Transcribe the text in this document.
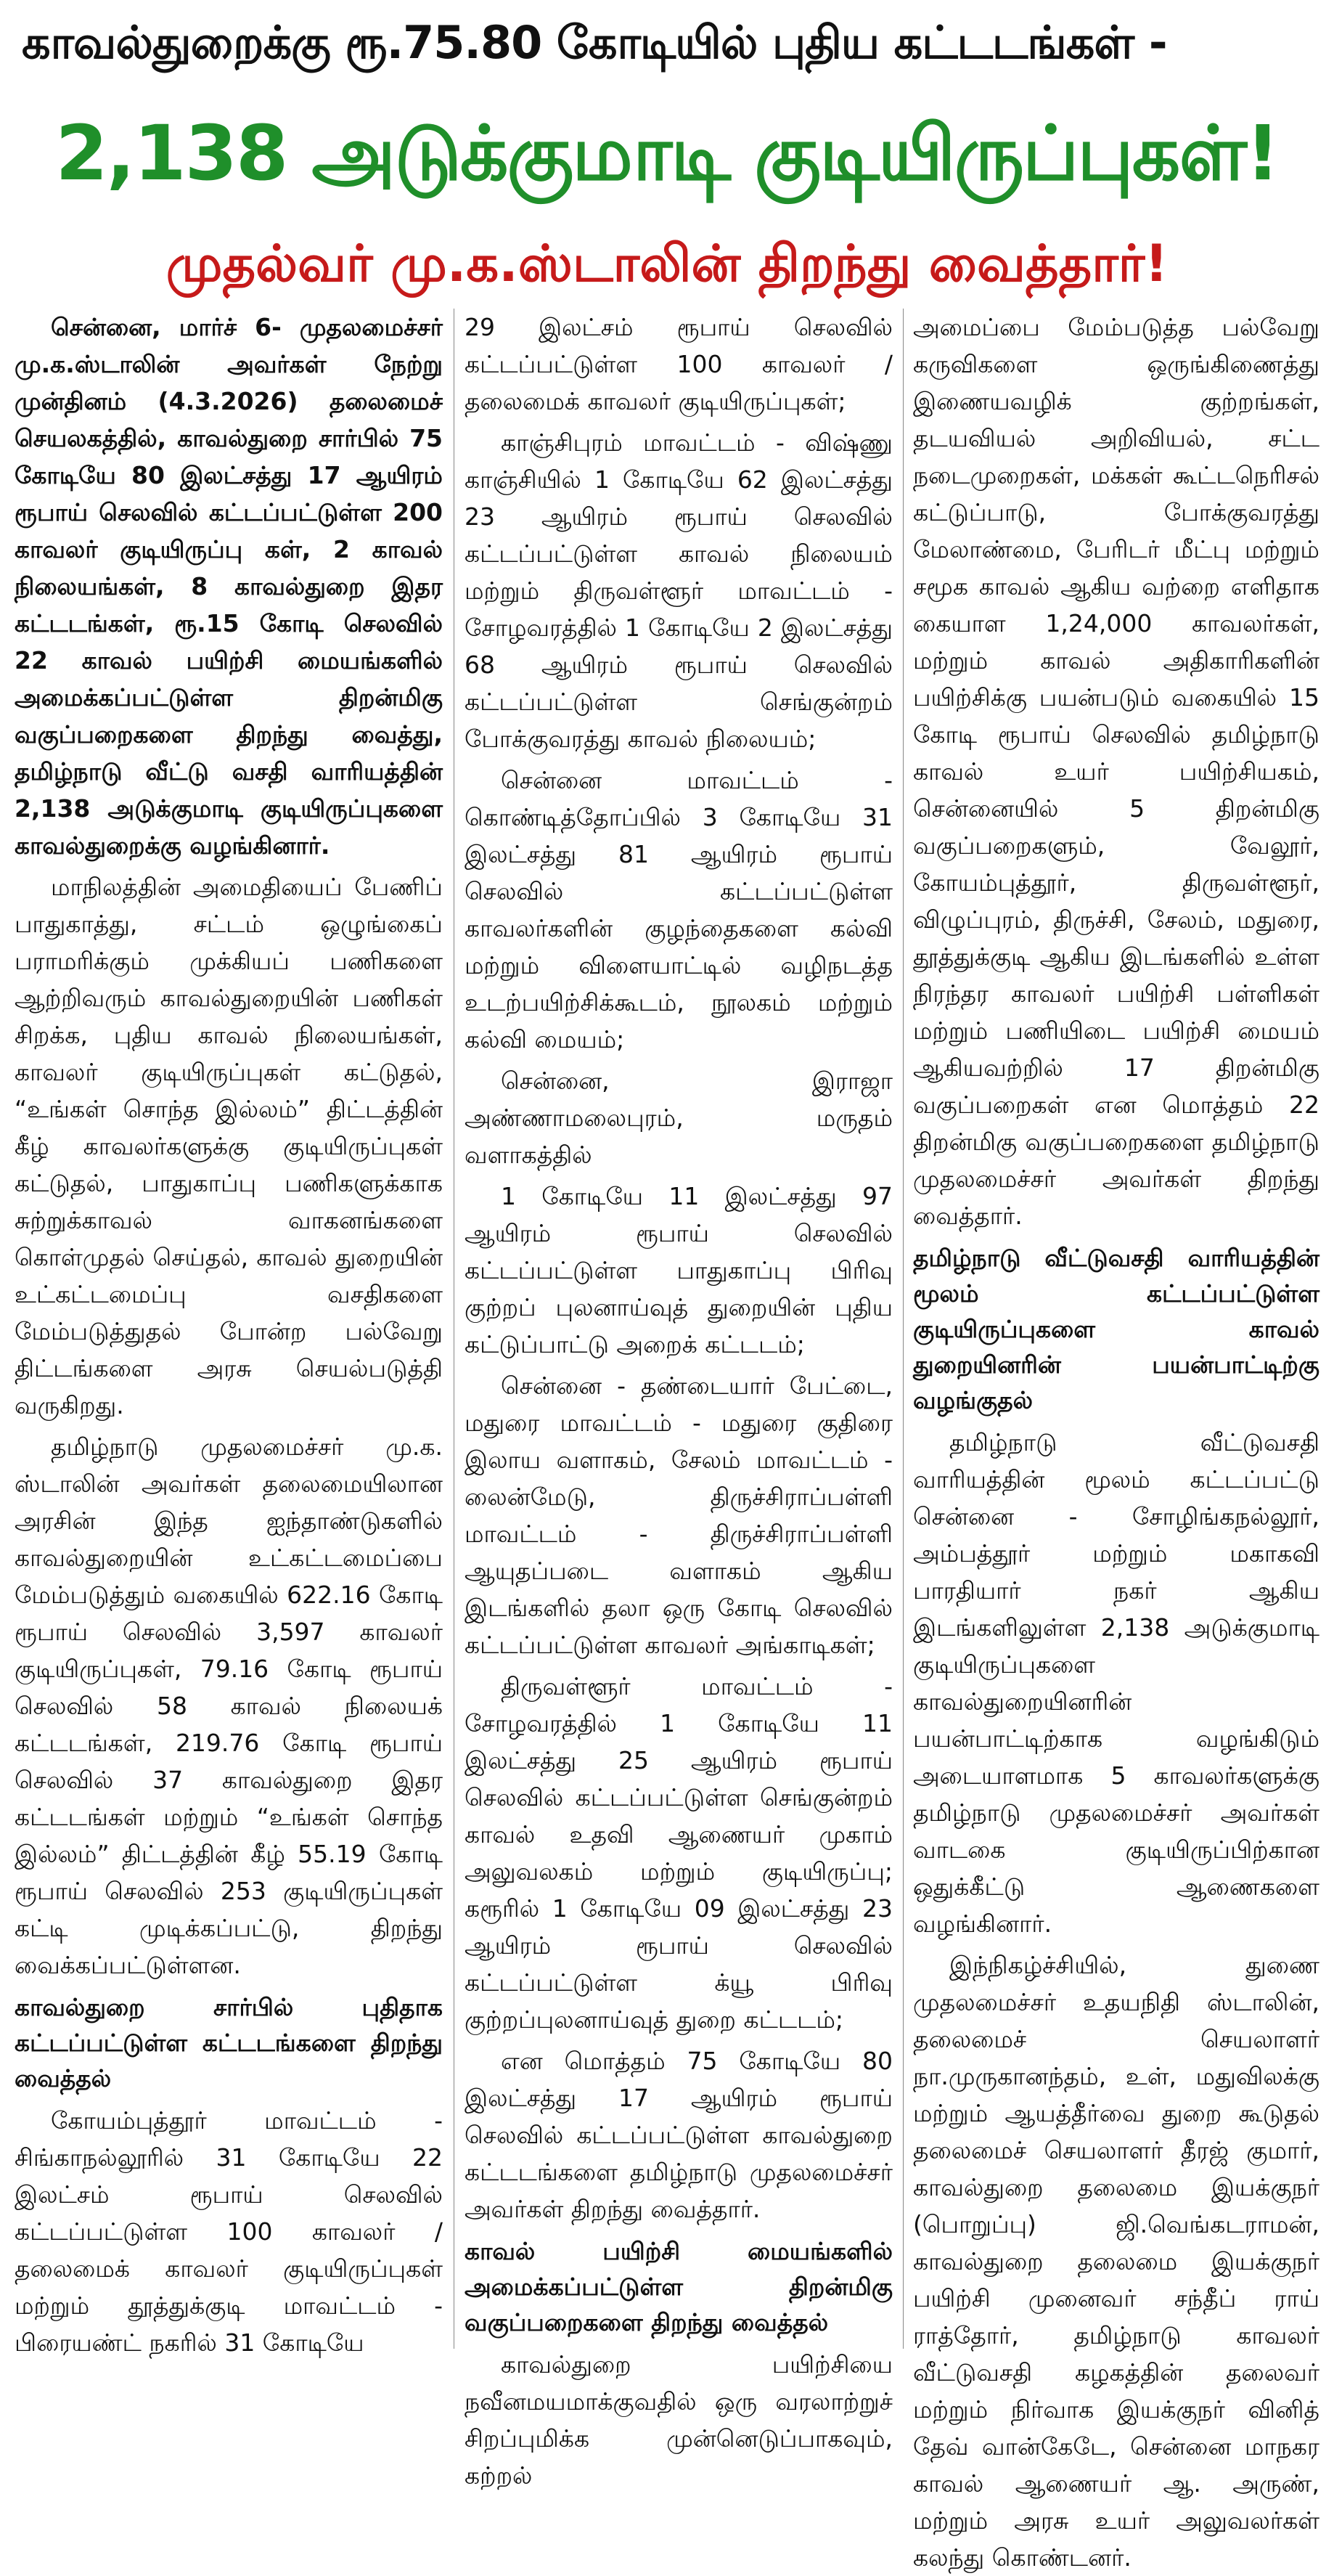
காவல்துறைக்கு ரூ.75.80 கோடியில் புதிய கட்டடங்கள் -
2,138 அடுக்குமாடி குடியிருப்புகள்!
முதல்வர் மு.க.ஸ்டாலின் திறந்து வைத்தார்!

சென்னை, மார்ச் 6- முதலமைச்சர் மு.க.ஸ்டாலின் அவர்கள் நேற்று முன்தினம் (4.3.2026) தலைமைச் செயலகத்தில், காவல்துறை சார்பில் 75 கோடியே 80 இலட்சத்து 17 ஆயிரம் ரூபாய் செலவில் கட்டப்பட்டுள்ள 200 காவலர் குடியிருப்பு கள், 2 காவல் நிலையங்கள், 8 காவல்துறை இதர கட்டடங்கள், ரூ.15 கோடி செலவில் 22 காவல் பயிற்சி மையங்களில் அமைக்கப்பட்டுள்ள திறன்மிகு வகுப்பறைகளை திறந்து வைத்து, தமிழ்நாடு வீட்டு வசதி வாரியத்தின் 2,138 அடுக்குமாடி குடியிருப்புகளை காவல்துறைக்கு வழங்கினார்.

மாநிலத்தின் அமைதியைப் பேணிப் பாதுகாத்து, சட்டம் ஒழுங்கைப் பராமரிக்கும் முக்கியப் பணிகளை ஆற்றிவரும் காவல்துறையின் பணிகள் சிறக்க, புதிய காவல் நிலையங்கள், காவலர் குடியிருப்புகள் கட்டுதல், “உங்கள் சொந்த இல்லம்” திட்டத்தின் கீழ் காவலர்களுக்கு குடியிருப்புகள் கட்டுதல், பாதுகாப்பு பணிகளுக்காக சுற்றுக்காவல் வாகனங்களை கொள்முதல் செய்தல், காவல் துறையின் உட்கட்டமைப்பு வசதிகளை மேம்படுத்துதல் போன்ற பல்வேறு திட்டங்களை அரசு செயல்படுத்தி வருகிறது.

தமிழ்நாடு முதலமைச்சர் மு.க. ஸ்டாலின் அவர்கள் தலைமையிலான அரசின் இந்த ஐந்தாண்டுகளில் காவல்துறையின் உட்கட்டமைப்பை மேம்படுத்தும் வகையில் 622.16 கோடி ரூபாய் செலவில் 3,597 காவலர் குடியிருப்புகள், 79.16 கோடி ரூபாய் செலவில் 58 காவல் நிலையக் கட்டடங்கள், 219.76 கோடி ரூபாய் செலவில் 37 காவல்துறை இதர கட்டடங்கள் மற்றும் “உங்கள் சொந்த இல்லம்” திட்டத்தின் கீழ் 55.19 கோடி ரூபாய் செலவில் 253 குடியிருப்புகள் கட்டி முடிக்கப்பட்டு, திறந்து வைக்கப்பட்டுள்ளன.

காவல்துறை சார்பில் புதிதாக கட்டப்பட்டுள்ள கட்டடங்களை திறந்து வைத்தல்

கோயம்புத்தூர் மாவட்டம் - சிங்காநல்லூரில் 31 கோடியே 22 இலட்சம் ரூபாய் செலவில் கட்டப்பட்டுள்ள 100 காவலர் / தலைமைக் காவலர் குடியிருப்புகள் மற்றும் தூத்துக்குடி மாவட்டம் - பிரையண்ட் நகரில் 31 கோடியே

29 இலட்சம் ரூபாய் செலவில் கட்டப்பட்டுள்ள 100 காவலர் / தலைமைக் காவலர் குடியிருப்புகள்;

காஞ்சிபுரம் மாவட்டம் - விஷ்ணு காஞ்சியில் 1 கோடியே 62 இலட்சத்து 23 ஆயிரம் ரூபாய் செலவில் கட்டப்பட்டுள்ள காவல் நிலையம் மற்றும் திருவள்ளூர் மாவட்டம் - சோழவரத்தில் 1 கோடியே 2 இலட்சத்து 68 ஆயிரம் ரூபாய் செலவில் கட்டப்பட்டுள்ள செங்குன்றம் போக்குவரத்து காவல் நிலையம்;

சென்னை மாவட்டம் - கொண்டித்தோப்பில் 3 கோடியே 31 இலட்சத்து 81 ஆயிரம் ரூபாய் செலவில் கட்டப்பட்டுள்ள காவலர்களின் குழந்தைகளை கல்வி மற்றும் விளையாட்டில் வழிநடத்த உடற்பயிற்சிக்கூடம், நூலகம் மற்றும் கல்வி மையம்;

சென்னை, இராஜா அண்ணாமலைபுரம், மருதம் வளாகத்தில்

1 கோடியே 11 இலட்சத்து 97 ஆயிரம் ரூபாய் செலவில் கட்டப்பட்டுள்ள பாதுகாப்பு பிரிவு குற்றப் புலனாய்வுத் துறையின் புதிய கட்டுப்பாட்டு அறைக் கட்டடம்;

சென்னை - தண்டையார் பேட்டை, மதுரை மாவட்டம் - மதுரை குதிரை இலாய வளாகம், சேலம் மாவட்டம் - லைன்மேடு, திருச்சிராப்பள்ளி மாவட்டம் - திருச்சிராப்பள்ளி ஆயுதப்படை வளாகம் ஆகிய இடங்களில் தலா ஒரு கோடி செலவில் கட்டப்பட்டுள்ள காவலர் அங்காடிகள்;

திருவள்ளூர் மாவட்டம் - சோழவரத்தில் 1 கோடியே 11 இலட்சத்து 25 ஆயிரம் ரூபாய் செலவில் கட்டப்பட்டுள்ள செங்குன்றம் காவல் உதவி ஆணையர் முகாம் அலுவலகம் மற்றும் குடியிருப்பு; கரூரில் 1 கோடியே 09 இலட்சத்து 23 ஆயிரம் ரூபாய் செலவில் கட்டப்பட்டுள்ள க்யூ பிரிவு குற்றப்புலனாய்வுத் துறை கட்டடம்;

என மொத்தம் 75 கோடியே 80 இலட்சத்து 17 ஆயிரம் ரூபாய் செலவில் கட்டப்பட்டுள்ள காவல்துறை கட்டடங்களை தமிழ்நாடு முதலமைச்சர் அவர்கள் திறந்து வைத்தார்.

காவல் பயிற்சி மையங்களில் அமைக்கப்பட்டுள்ள திறன்மிகு வகுப்பறைகளை திறந்து வைத்தல்

காவல்துறை பயிற்சியை நவீனமயமாக்குவதில் ஒரு வரலாற்றுச் சிறப்புமிக்க முன்னெடுப்பாகவும், கற்றல்

அமைப்பை மேம்படுத்த பல்வேறு கருவிகளை ஒருங்கிணைத்து இணையவழிக் குற்றங்கள், தடயவியல் அறிவியல், சட்ட நடைமுறைகள், மக்கள் கூட்டநெரிசல் கட்டுப்பாடு, போக்குவரத்து மேலாண்மை, பேரிடர் மீட்பு மற்றும் சமூக காவல் ஆகிய வற்றை எளிதாக கையாள 1,24,000 காவலர்கள், மற்றும் காவல் அதிகாரிகளின் பயிற்சிக்கு பயன்படும் வகையில் 15 கோடி ரூபாய் செலவில் தமிழ்நாடு காவல் உயர் பயிற்சியகம், சென்னையில் 5 திறன்மிகு வகுப்பறைகளும், வேலூர், கோயம்புத்தூர், திருவள்ளூர், விழுப்புரம், திருச்சி, சேலம், மதுரை, தூத்துக்குடி ஆகிய இடங்களில் உள்ள நிரந்தர காவலர் பயிற்சி பள்ளிகள் மற்றும் பணியிடை பயிற்சி மையம் ஆகியவற்றில் 17 திறன்மிகு வகுப்பறைகள் என மொத்தம் 22 திறன்மிகு வகுப்பறைகளை தமிழ்நாடு முதலமைச்சர் அவர்கள் திறந்து வைத்தார்.

தமிழ்நாடு வீட்டுவசதி வாரியத்தின் மூலம் கட்டப்பட்டுள்ள குடியிருப்புகளை காவல் துறையினரின் பயன்பாட்டிற்கு வழங்குதல்

தமிழ்நாடு வீட்டுவசதி வாரியத்தின் மூலம் கட்டப்பட்டு சென்னை - சோழிங்கநல்லூர், அம்பத்தூர் மற்றும் மகாகவி பாரதியார் நகர் ஆகிய இடங்களிலுள்ள 2,138 அடுக்குமாடி குடியிருப்புகளை காவல்துறையினரின் பயன்பாட்டிற்காக வழங்கிடும் அடையாளமாக 5 காவலர்களுக்கு தமிழ்நாடு முதலமைச்சர் அவர்கள் வாடகை குடியிருப்பிற்கான ஒதுக்கீட்டு ஆணைகளை வழங்கினார்.

இந்நிகழ்ச்சியில், துணை முதலமைச்சர் உதயநிதி ஸ்டாலின், தலைமைச் செயலாளர் நா.முருகானந்தம், உள், மதுவிலக்கு மற்றும் ஆயத்தீர்வை துறை கூடுதல் தலைமைச் செயலாளர் தீரஜ் குமார், காவல்துறை தலைமை இயக்குநர் (பொறுப்பு) ஜி.வெங்கடராமன், காவல்துறை தலைமை இயக்குநர் பயிற்சி முனைவர் சந்தீப் ராய் ராத்தோர், தமிழ்நாடு காவலர் வீட்டுவசதி கழகத்தின் தலைவர் மற்றும் நிர்வாக இயக்குநர் வினித் தேவ் வான்கேடே, சென்னை மாநகர காவல் ஆணையர் ஆ. அருண், மற்றும் அரசு உயர் அலுவலர்கள் கலந்து கொண்டனர்.
